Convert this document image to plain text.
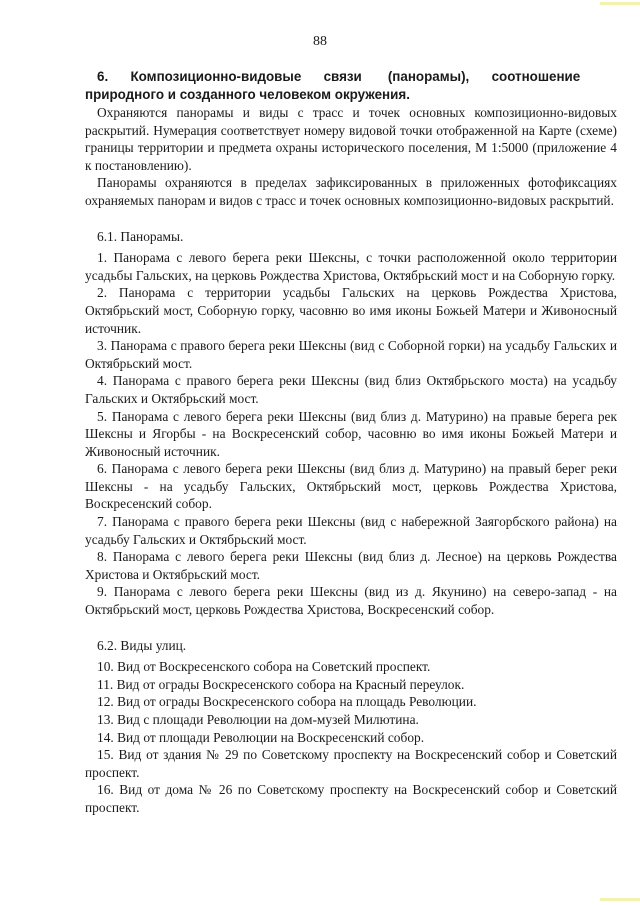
88
6.      Композиционно-видовые      связи       (панорамы),      соотношение
природного и созданного человеком окружения.

Охраняются панорамы и виды с трасс и точек основных композиционно-видовых раскрытий. Нумерация соответствует номеру видовой точки отображенной на Карте (схеме) границы территории и предмета охраны исторического поселения, М 1:5000 (приложение 4 к постановлению).

Панорамы охраняются в пределах зафиксированных в приложенных фотофиксациях охраняемых панорам и видов с трасс и точек основных композиционно-видовых раскрытий.

6.1. Панорамы.

1. Панорама с левого берега реки Шексны, с точки расположенной около территории усадьбы Гальских, на церковь Рождества Христова, Октябрьский мост и на Соборную горку.

2. Панорама с территории усадьбы Гальских на церковь Рождества Христова, Октябрьский мост, Соборную горку, часовню во имя иконы Божьей Матери и Живоносный источник.

3. Панорама с правого берега реки Шексны (вид с Соборной горки) на усадьбу Гальских и Октябрьский мост.

4. Панорама с правого берега реки Шексны (вид близ Октябрьского моста) на усадьбу Гальских и Октябрьский мост.

5. Панорама с левого берега реки Шексны (вид близ д. Матурино) на правые берега рек Шексны и Ягорбы - на Воскресенский собор, часовню во имя иконы Божьей Матери и Живоносный источник.

6. Панорама с левого берега реки Шексны (вид близ д. Матурино) на правый берег реки Шексны - на усадьбу Гальских, Октябрьский мост, церковь Рождества Христова, Воскресенский собор.

7. Панорама с правого берега реки Шексны (вид с набережной Заягорбского района) на усадьбу Гальских и Октябрьский мост.

8. Панорама с левого берега реки Шексны (вид близ д. Лесное) на церковь Рождества Христова и Октябрьский мост.

9. Панорама с левого берега реки Шексны (вид из д. Якунино) на северо-запад - на Октябрьский мост, церковь Рождества Христова, Воскресенский собор.

6.2. Виды улиц.

10. Вид от Воскресенского собора на Советский проспект.

11. Вид от ограды Воскресенского собора на Красный переулок.

12. Вид от ограды Воскресенского собора на площадь Революции.

13. Вид с площади Революции на дом-музей Милютина.

14. Вид от площади Революции на Воскресенский собор.

15. Вид от здания № 29 по Советскому проспекту на Воскресенский собор и Советский проспект.

16. Вид от дома № 26 по Советскому проспекту на Воскресенский собор и Советский проспект.
